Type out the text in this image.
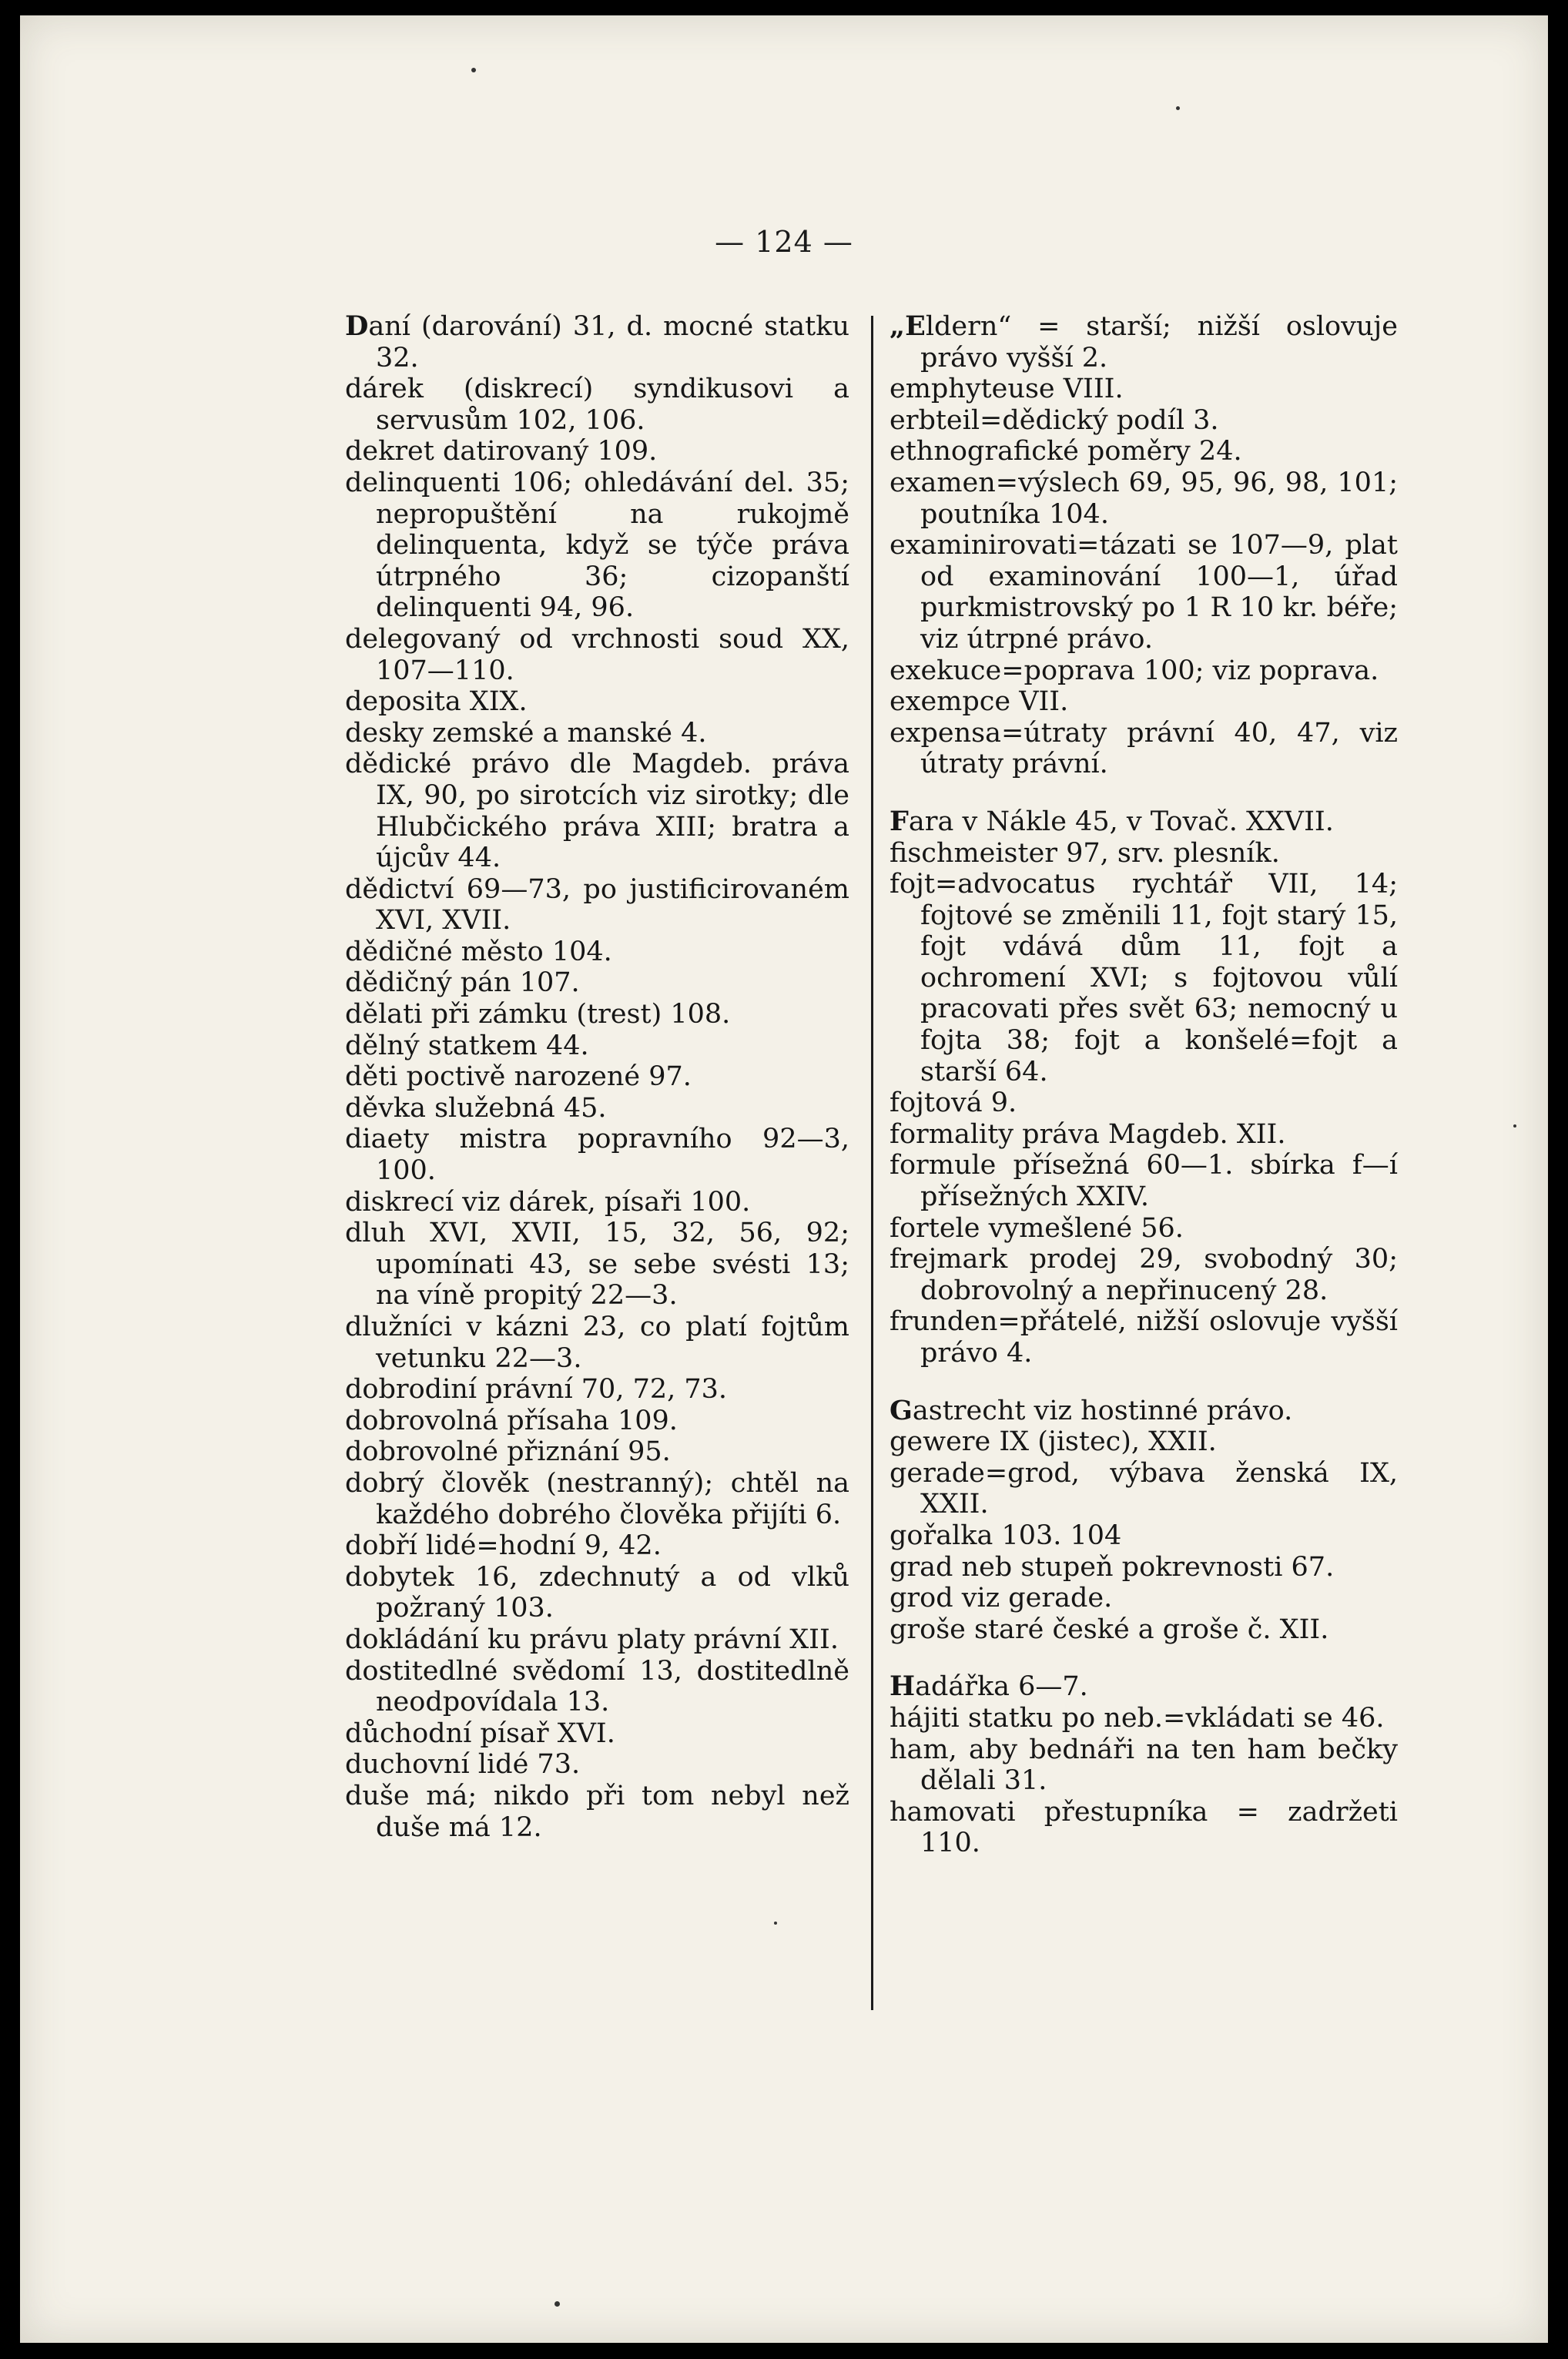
— 124 —
Daní (darování) 31, d. mocné statku 32.
dárek (diskrecí) syndikusovi a servusům 102, 106.
dekret datirovaný 109.
delinquenti 106; ohledávání del. 35; nepropuštění na rukojmě delinquenta, když se týče práva útrpného 36; cizopanští delinquenti 94, 96.
delegovaný od vrchnosti soud XX, 107—110.
deposita XIX.
desky zemské a manské 4.
dědické právo dle Magdeb. práva IX, 90, po sirotcích viz sirotky; dle Hlubčického práva XIII; bratra a újcův 44.
dědictví 69—73, po justificirovaném XVI, XVII.
dědičné město 104.
dědičný pán 107.
dělati při zámku (trest) 108.
dělný statkem 44.
děti poctivě narozené 97.
děvka služebná 45.
diaety mistra popravního 92—3, 100.
diskrecí viz dárek, písaři 100.
dluh XVI, XVII, 15, 32, 56, 92; upomínati 43, se sebe svésti 13; na víně propitý 22—3.
dlužníci v kázni 23, co platí fojtům vetunku 22—3.
dobrodiní právní 70, 72, 73.
dobrovolná přísaha 109.
dobrovolné přiznání 95.
dobrý člověk (nestranný); chtěl na každého dobrého člověka přijíti 6.
dobří lidé=hodní 9, 42.
dobytek 16, zdechnutý a od vlků požraný 103.
dokládání ku právu platy právní XII.
dostitedlné svědomí 13, dostitedlně neodpovídala 13.
důchodní písař XVI.
duchovní lidé 73.
duše má; nikdo při tom nebyl než duše má 12.
„Eldern“ = starší; nižší oslovuje právo vyšší 2.
emphyteuse VIII.
erbteil=dědický podíl 3.
ethnografické poměry 24.
examen=výslech 69, 95, 96, 98, 101; poutníka 104.
examinirovati=tázati se 107—9, plat od examinování 100—1, úřad purkmistrovský po 1 R 10 kr. béře; viz útrpné právo.
exekuce=poprava 100; viz poprava.
exempce VII.
expensa=útraty právní 40, 47, viz útraty právní.
Fara v Nákle 45, v Tovač. XXVII.
fischmeister 97, srv. plesník.
fojt=advocatus rychtář VII, 14; fojtové se změnili 11, fojt starý 15, fojt vdává dům 11, fojt a ochromení XVI; s fojtovou vůlí pracovati přes svět 63; nemocný u fojta 38; fojt a konšelé=fojt a starší 64.
fojtová 9.
formality práva Magdeb. XII.
formule přísežná 60—1. sbírka f—í přísežných XXIV.
fortele vymešlené 56.
frejmark prodej 29, svobodný 30; dobrovolný a nepřinucený 28.
frunden=přátelé, nižší oslovuje vyšší právo 4.
Gastrecht viz hostinné právo.
gewere IX (jistec), XXII.
gerade=grod, výbava ženská IX, XXII.
gořalka 103. 104
grad neb stupeň pokrevnosti 67.
grod viz gerade.
groše staré české a groše č. XII.
Hadářka 6—7.
hájiti statku po neb.=vkládati se 46.
ham, aby bednáři na ten ham bečky dělali 31.
hamovati přestupníka = zadržeti 110.
